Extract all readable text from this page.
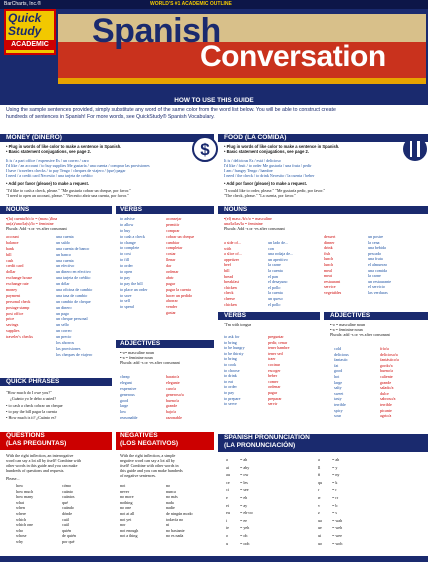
BarCharts, Inc.®	WORLD'S #1 ACADEMIC OUTLINE
Quick
Study
ACADEMIC Spanish
Conversation
HOW TO USE THIS GUIDE
Using the sample sentences provided, simply substitute any word of the same color from the word list below. You will be able to construct create
hundreds of sentences in Spanish! For more words, see QuickStudy® Spanish Vocabulary.
MONEY (DINERO)
$
• Plug in words of like color to make a sentence in Spanish.
• Basic statement conjugations, see page 2.
It is / a part office / expensive Es / un correo / caro
I'd like / an account / to buy supplies Me gustaría / una cuenta / comprar las provisiones
I have / travelers checks / to pay Tengo / cheques de viajero / (que) pagar
I need / a credit card Necesito / una tarjeta de crédito
• Add por favor (please) to make a request.
"I'd like to cash a check, please." "Me gustaría cobrar un cheque, por favor."
"I need to open an account, please." "Necesito abrir una cuenta, por favor."
FOOD (LA COMIDA)
• Plug in words of like color to make a sentence in Spanish.
• Basic statement conjugations, see page 2.
It is / delicious Es / está / delicioso
I'd like / fruit / to order Me gustaría / una fruta / pedir
I am / hungry Tengo / hambre
I need / the check / to drink Necesito / la cuenta / beber
• Add por favor (please) to make a request.
"I would like to order, please." "Me gustaría pedir, por favor."
"The check, please." "La cuenta, por favor."
NOUNS
•(la) cuenta/b/c/o = (masc.)Jina
un(a)/uno/la(s)/lo = feminine
Plurals: Add -s or -es after consonant
account
balance
bank
bill
cash
credit card
dollar
exchange house
exchange rate
money
payment
personal check
postage stamp
post office
price
savings
supplies
traveler's checks
una cuenta
un saldo
una cuenta de banco
un banco
una cuenta
un efectivo
un dinero en efectivo
una tarjeta de crédito
un dólar
una oficina de cambio
una tasa de cambio
un cambio de cheque
un dinero
un pago
un cheque personal
un sello
un correo
un precio
los ahorros
las provisiones
los cheques de viajero
VERBS
to advise
to allow
to buy
to cash a check
to change
to complete
to cost
to fill
to order
to open
to pay
to pay the bill
to place an order
to save
to sell
to spend
aconsejar
permitir
comprar
cobrar un cheque
cambiar
completar
costar
llenar
dar
ordenar
abrir
pagar
pagar la cuenta
hacer un pedido
ahorrar
vender
gastar
ADJECTIVES
•-o= masculine noun
•-a = feminine noun
Plurals: add -s or -es after consonant
cheap
elegant
expensive
generous
good
large
low
reasonable
barato/a
elegante
caro/a
generoso/a
bueno/a
grande
bajo/a
razonable
QUICK PHRASES
"How much do I owe you?"
¿Cuánto yo le debo a usted?
• to cash a check cobrar un cheque
• to pay the bill pagar la cuenta
• How much is it? ¿Cuánto es?
NOUNS
•(el) masc./b/c/o = masculine
una/la/las/la = feminine
Plurals: Add -s or -es after consonant
a side of...
with
a slice of...
appetizer
beef
bill
bread
breakfast
chicken
check
cheese
chicken
un lado de...
con
una rodaja de...
un aperitivo
la carne
la cuenta
el pan
el desayuno
el pollo
la cuenta
un queso
el pollo
dessert
dinner
drink
fish
lunch
lunch
meal
meat
restaurant
service
vegetables
un postre
la cena
una bebida
pescado
una fruta
el almuerzo
una comida
la carne
un restaurante
el servicio
las verduras
VERBS
"I'm with tongue
to ask for
to bring
to be hungry
to be thirsty
to bring
to cook
to choose
to drink
to eat
to order
to pay
to prepare
to serve
preguntar
pedir, cenar
tener hambre
tener sed
traer
cocinar
escoger
beber
comer
ordenar
pagar
preparar
servir
ADJECTIVES
•-o = masculine noun
•-a = feminine noun
Plurals: add -s or -es after consonant
cold
delicious
fantastic
fat
good
hot
large
salty
sweet
tasty
terrible
spicy
sour
frío/a
delicioso/a
fantástico/a
gordo/a
bueno/a
caliente
grande
salado/a
dulce
sabroso/a
terrible
picante
agrio/a
QUESTIONS
(LAS PREGUNTAS)
With the right inflection, an interrogative
word can say a lot all by itself! Combine with
other words in this guide and you can make
hundreds of questions and requests.
Please...
how
how much
how many
what
when
where
which
which one
who
whose
why
cómo
cuánto
cuántos
qué
cuándo
dónde
cuál
cuál
quién
de quién
por qué
NEGATIVES
(LOS NEGATIVOS)
With the right inflection, a simple
negative word can say a lot all by
itself! Combine with other words in
this guide and you can make hundreds
of negative sentences.
not
never
no more
nothing
no one
not at all
not yet
nor
not enough
not a thing
no
nunca
no más
nada
nadie
de ningún modo
todavía no
ni
no bastante
no es nada
SPANISH PRONUNCIATION
(LA PRONUNCIACIÓN)
a
ai
au
ce
ci
e
ei
eu
i
ie
o
u
= ah
= aby
= ow
= les
= see
= eh
= ay
= eh-oo
= ee
= yeh
= oh
= ooh
a
ll
ñ
qu
r
rr
v
z
ua
ue
ui
uo
= ah
= y
= ny
= k
= r
= rr
= b
= s
= wah
= weh
= wee
= woh
